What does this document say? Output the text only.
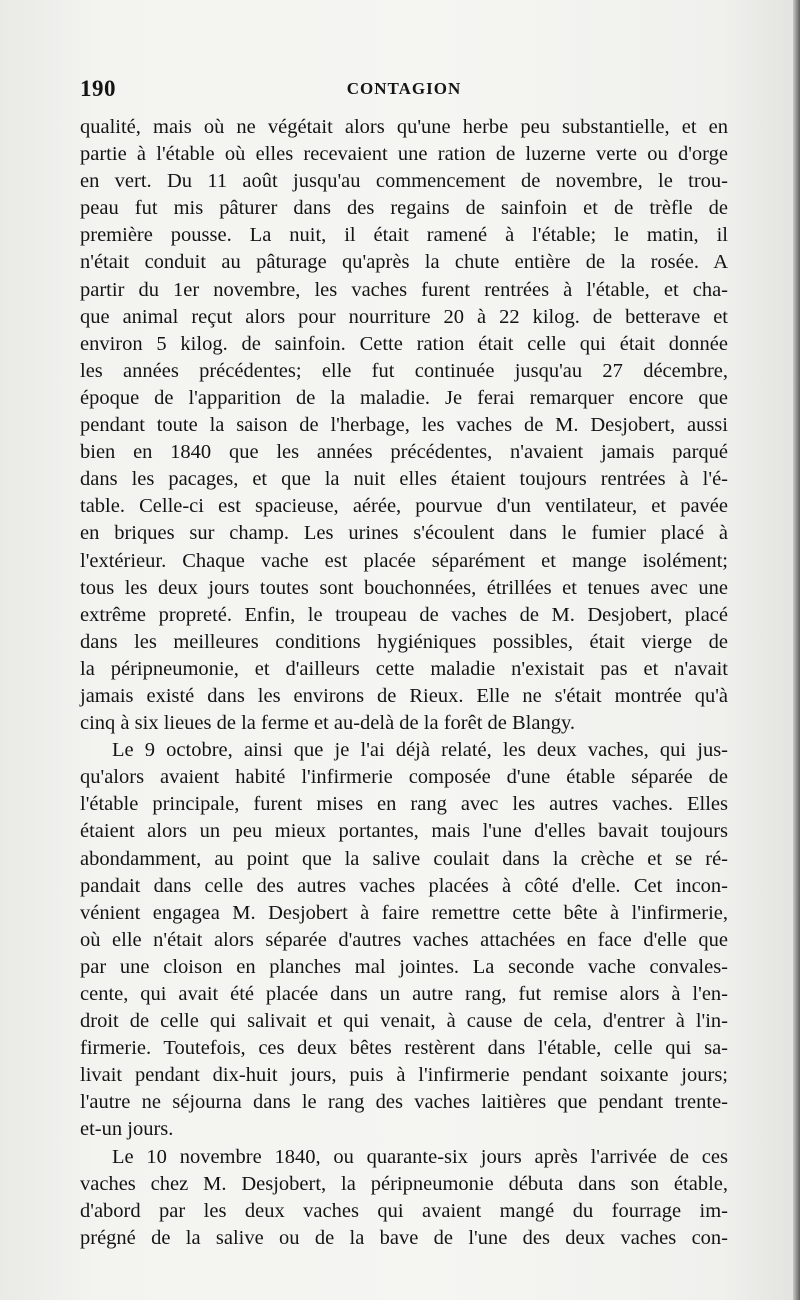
190	CONTAGION
qualité, mais où ne végétait alors qu'une herbe peu substantielle, et en
partie à l'étable où elles recevaient une ration de luzerne verte ou d'orge
en vert. Du 11 août jusqu'au commencement de novembre, le trou-
peau fut mis pâturer dans des regains de sainfoin et de trèfle de
première pousse. La nuit, il était ramené à l'étable; le matin, il
n'était conduit au pâturage qu'après la chute entière de la rosée. A
partir du 1er novembre, les vaches furent rentrées à l'étable, et cha-
que animal reçut alors pour nourriture 20 à 22 kilog. de betterave et
environ 5 kilog. de sainfoin. Cette ration était celle qui était donnée
les années précédentes; elle fut continuée jusqu'au 27 décembre,
époque de l'apparition de la maladie. Je ferai remarquer encore que
pendant toute la saison de l'herbage, les vaches de M. Desjobert, aussi
bien en 1840 que les années précédentes, n'avaient jamais parqué
dans les pacages, et que la nuit elles étaient toujours rentrées à l'é-
table. Celle-ci est spacieuse, aérée, pourvue d'un ventilateur, et pavée
en briques sur champ. Les urines s'écoulent dans le fumier placé à
l'extérieur. Chaque vache est placée séparément et mange isolément;
tous les deux jours toutes sont bouchonnées, étrillées et tenues avec une
extrême propreté. Enfin, le troupeau de vaches de M. Desjobert, placé
dans les meilleures conditions hygiéniques possibles, était vierge de
la péripneumonie, et d'ailleurs cette maladie n'existait pas et n'avait
jamais existé dans les environs de Rieux. Elle ne s'était montrée qu'à
cinq à six lieues de la ferme et au-delà de la forêt de Blangy.
Le 9 octobre, ainsi que je l'ai déjà relaté, les deux vaches, qui jus-
qu'alors avaient habité l'infirmerie composée d'une étable séparée de
l'étable principale, furent mises en rang avec les autres vaches. Elles
étaient alors un peu mieux portantes, mais l'une d'elles bavait toujours
abondamment, au point que la salive coulait dans la crèche et se ré-
pandait dans celle des autres vaches placées à côté d'elle. Cet incon-
vénient engagea M. Desjobert à faire remettre cette bête à l'infirmerie,
où elle n'était alors séparée d'autres vaches attachées en face d'elle que
par une cloison en planches mal jointes. La seconde vache convales-
cente, qui avait été placée dans un autre rang, fut remise alors à l'en-
droit de celle qui salivait et qui venait, à cause de cela, d'entrer à l'in-
firmerie. Toutefois, ces deux bêtes restèrent dans l'étable, celle qui sa-
livait pendant dix-huit jours, puis à l'infirmerie pendant soixante jours;
l'autre ne séjourna dans le rang des vaches laitières que pendant trente-
et-un jours.
Le 10 novembre 1840, ou quarante-six jours après l'arrivée de ces
vaches chez M. Desjobert, la péripneumonie débuta dans son étable,
d'abord par les deux vaches qui avaient mangé du fourrage im-
prégné de la salive ou de la bave de l'une des deux vaches con-
